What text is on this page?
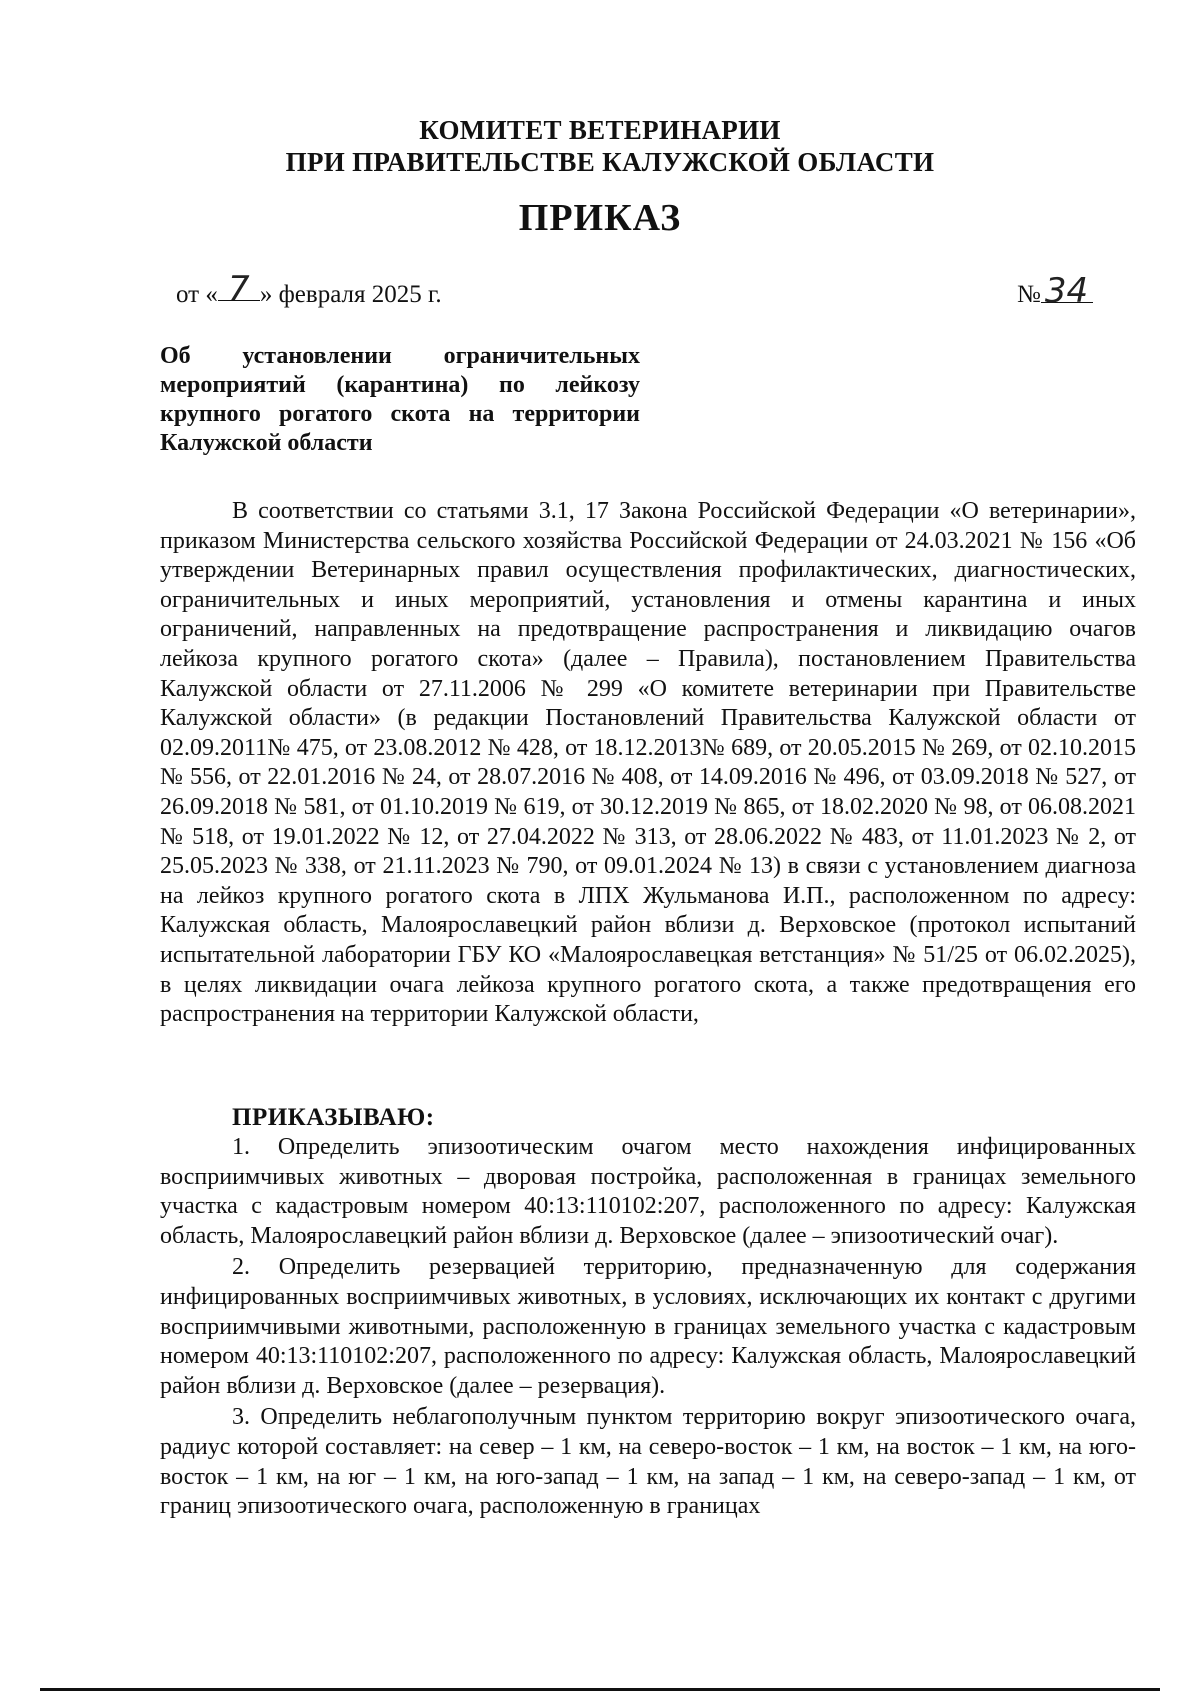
КОМИТЕТ ВЕТЕРИНАРИИ
ПРИ ПРАВИТЕЛЬСТВЕ КАЛУЖСКОЙ ОБЛАСТИ
ПРИКАЗ
от « 7 » февраля 2025 г.	№ 34
Об установлении ограничительных
мероприятий (карантина) по лейкозу
крупного рогатого скота на территории
Калужской области

В соответствии со статьями 3.1, 17 Закона Российской Федерации «О ветеринарии», приказом Министерства сельского хозяйства Российской Федерации от 24.03.2021 № 156 «Об утверждении Ветеринарных правил осуществления профилактических, диагностических, ограничительных и иных мероприятий, установления и отмены карантина и иных ограничений, направленных на предотвращение распространения и ликвидацию очагов лейкоза крупного рогатого скота» (далее – Правила), постановлением Правительства Калужской области от 27.11.2006 № 299 «О комитете ветеринарии при Правительстве Калужской области» (в редакции Постановлений Правительства Калужской области от 02.09.2011№ 475, от 23.08.2012 № 428, от 18.12.2013№ 689, от 20.05.2015 № 269, от 02.10.2015 № 556, от 22.01.2016 № 24, от 28.07.2016 № 408, от 14.09.2016 № 496, от 03.09.2018 № 527, от 26.09.2018 № 581, от 01.10.2019 № 619, от 30.12.2019 № 865, от 18.02.2020 № 98, от 06.08.2021 № 518, от 19.01.2022 № 12, от 27.04.2022 № 313, от 28.06.2022 № 483, от 11.01.2023 № 2, от 25.05.2023 № 338, от 21.11.2023 № 790, от 09.01.2024 № 13) в связи с установлением диагноза на лейкоз крупного рогатого скота в ЛПХ Жульманова И.П., расположенном по адресу: Калужская область, Малоярославецкий район вблизи д. Верховское (протокол испытаний испытательной лаборатории ГБУ КО «Малоярославецкая ветстанция» № 51/25 от 06.02.2025), в целях ликвидации очага лейкоза крупного рогатого скота, а также предотвращения его распространения на территории Калужской области,

ПРИКАЗЫВАЮ:

1. Определить эпизоотическим очагом место нахождения инфицированных восприимчивых животных – дворовая постройка, расположенная в границах земельного участка с кадастровым номером 40:13:110102:207, расположенного по адресу: Калужская область, Малоярославецкий район вблизи д. Верховское (далее – эпизоотический очаг).

2. Определить резервацией территорию, предназначенную для содержания инфицированных восприимчивых животных, в условиях, исключающих их контакт с другими восприимчивыми животными, расположенную в границах земельного участка с кадастровым номером 40:13:110102:207, расположенного по адресу: Калужская область, Малоярославецкий район вблизи д. Верховское (далее – резервация).

3. Определить неблагополучным пунктом территорию вокруг эпизоотического очага, радиус которой составляет: на север – 1 км, на северо-восток – 1 км, на восток – 1 км, на юго-восток – 1 км, на юг – 1 км, на юго-запад – 1 км, на запад – 1 км, на северо-запад – 1 км, от границ эпизоотического очага, расположенную в границах
